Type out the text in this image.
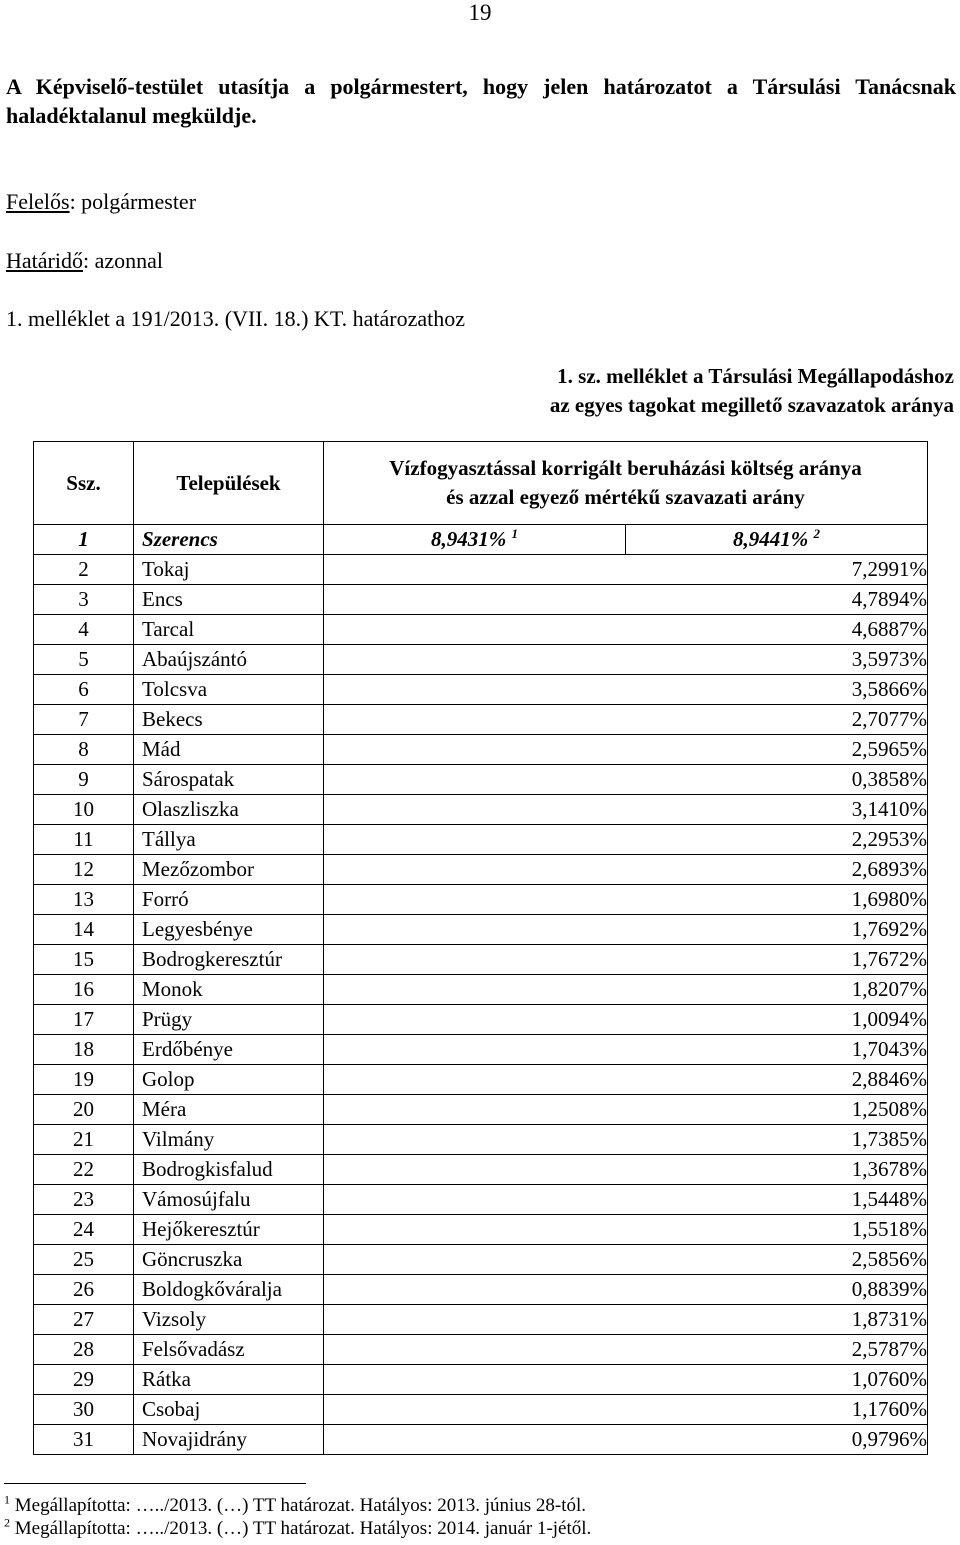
19
A Képviselő-testület utasítja a polgármestert, hogy jelen határozatot a Társulási Tanácsnak haladéktalanul megküldje.
Felelős: polgármester
Határidő: azonnal
1. melléklet a 191/2013. (VII. 18.) KT. határozathoz
1. sz. melléklet a Társulási Megállapodáshoz
az egyes tagokat megillető szavazatok aránya
Ssz.	Települések	Vízfogyasztással korrigált beruházási költség aránya
és azzal egyező mértékű szavazati arány	

1	Szerencs	8,9431% $^1$	8,9441% $^2$
2	Tokaj	7,2991%	
3	Encs	4,7894%	
4	Tarcal	4,6887%	
5	Abaújszántó	3,5973%	
6	Tolcsva	3,5866%	
7	Bekecs	2,7077%	
8	Mád	2,5965%	
9	Sárospatak	0,3858%	
10	Olaszliszka	3,1410%	
11	Tállya	2,2953%	
12	Mezőzombor	2,6893%	
13	Forró	1,6980%	
14	Legyesbénye	1,7692%	
15	Bodrogkeresztúr	1,7672%	
16	Monok	1,8207%	
17	Prügy	1,0094%	
18	Erdőbénye	1,7043%	
19	Golop	2,8846%	
20	Méra	1,2508%	
21	Vilmány	1,7385%	
22	Bodrogkisfalud	1,3678%	
23	Vámosújfalu	1,5448%	
24	Hejőkeresztúr	1,5518%	
25	Göncruszka	2,5856%	
26	Boldogkőváralja	0,8839%	
27	Vizsoly	1,8731%	
28	Felsővadász	2,5787%	
29	Rátka	1,0760%	
30	Csobaj	1,1760%	
31	Novajidrány	0,9796%	
$^1$ Megállapította: …../2013. (…) TT határozat. Hatályos: 2013. június 28-tól.
$^2$ Megállapította: …../2013. (…) TT határozat. Hatályos: 2014. január 1-jétől.
